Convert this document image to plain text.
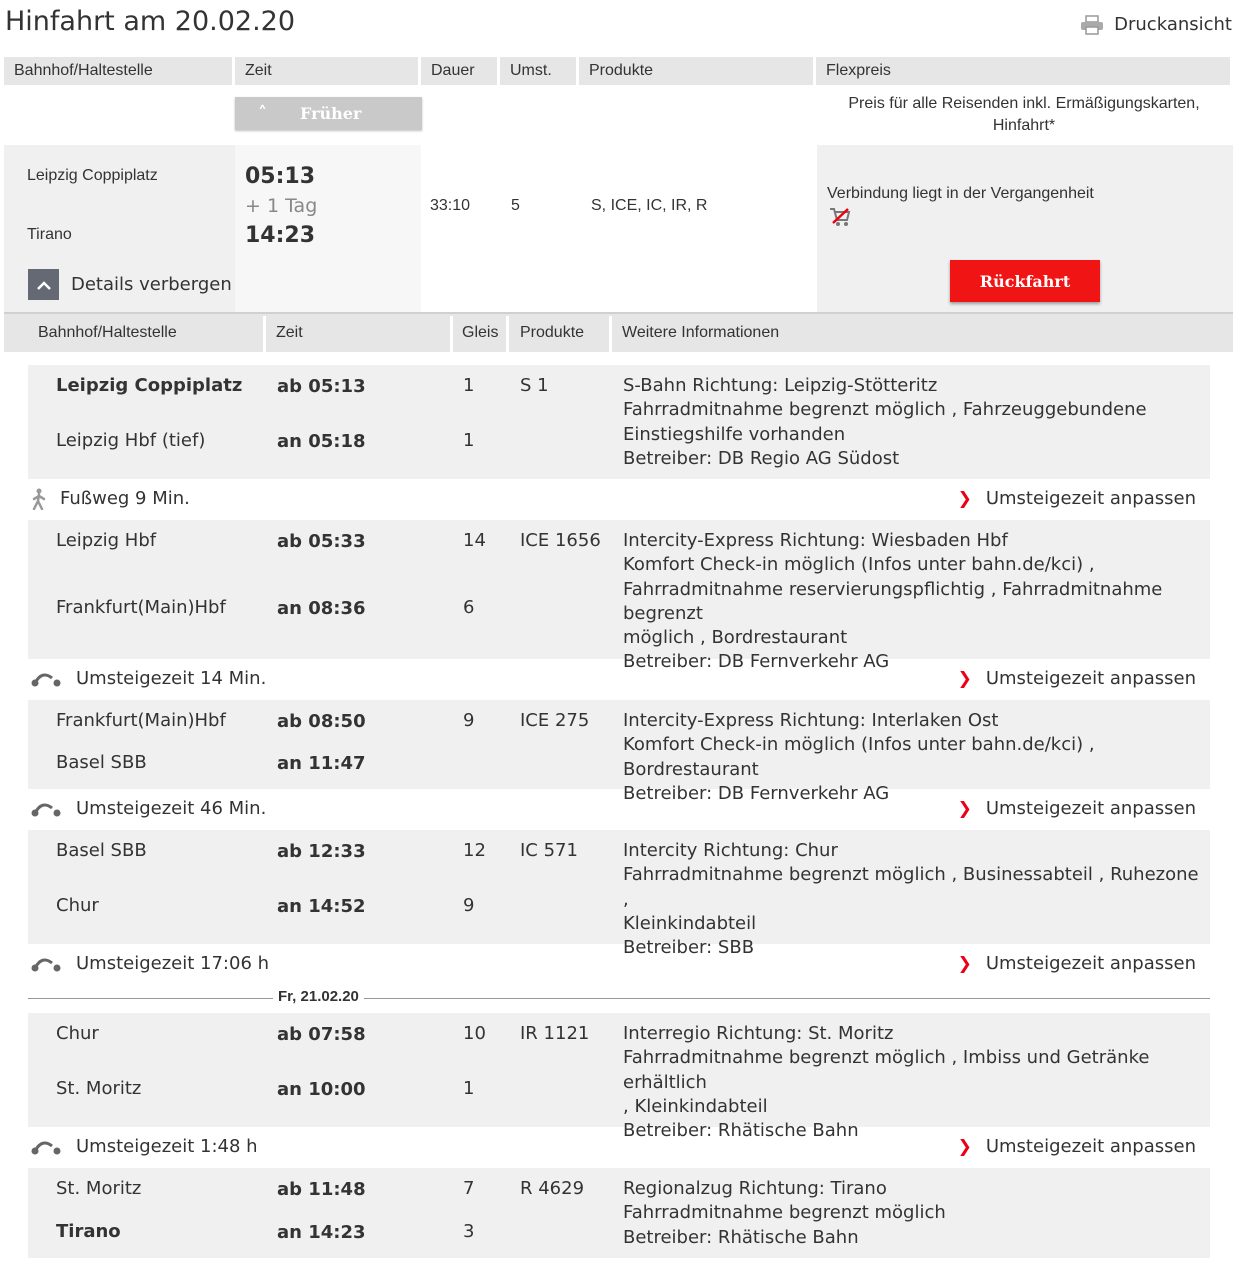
Hinfahrt am 20.02.20	Druckansicht
Bahnhof/Haltestelle	Zeit	Dauer	Umst.	Produkte	Flexpreis
˄	Früher
Preis für alle Reisenden inkl. Ermäßigungskarten, Hinfahrt*
Leipzig Coppiplatz
Tirano
05:13
+ 1 Tag
14:23
33:10	5	S, ICE, IC, IR, R
Details verbergen
Verbindung liegt in der Vergangenheit
Rückfahrt
Bahnhof/Haltestelle	Zeit	Gleis Produkte Weitere Informationen
Leipzig Coppiplatz ab 05:13	1	S 1
Leipzig Hbf (tief)	an 05:18	1
S-Bahn Richtung: Leipzig-Stötteritz
Fahrradmitnahme begrenzt möglich , Fahrzeuggebundene
Einstiegshilfe vorhanden
Betreiber: DB Regio AG Südost
Fußweg 9 Min.	❯ Umsteigezeit anpassen
Leipzig Hbf	ab 05:33	14 ICE 1656
Frankfurt(Main)Hbf	an 08:36	6
Intercity-Express Richtung: Wiesbaden Hbf
Komfort Check-in möglich (Infos unter bahn.de/kci) ,
Fahrradmitnahme reservierungspflichtig , Fahrradmitnahme begrenzt
möglich , Bordrestaurant
Betreiber: DB Fernverkehr AG
Umsteigezeit 14 Min.	❯ Umsteigezeit anpassen
Frankfurt(Main)Hbf	ab 08:50	9	ICE 275
Basel SBB	an 11:47
Intercity-Express Richtung: Interlaken Ost
Komfort Check-in möglich (Infos unter bahn.de/kci) , Bordrestaurant
Betreiber: DB Fernverkehr AG
Umsteigezeit 46 Min.	❯ Umsteigezeit anpassen
Basel SBB	ab 12:33	12 IC 571
Chur	an 14:52	9
Intercity Richtung: Chur
Fahrradmitnahme begrenzt möglich , Businessabteil , Ruhezone ,
Kleinkindabteil
Betreiber: SBB
Umsteigezeit 17:06 h	❯ Umsteigezeit anpassen
Fr, 21.02.20
Chur	ab 07:58	10 IR 1121
St. Moritz	an 10:00	1
Interregio Richtung: St. Moritz
Fahrradmitnahme begrenzt möglich , Imbiss und Getränke erhältlich
, Kleinkindabteil
Betreiber: Rhätische Bahn
Umsteigezeit 1:48 h	❯ Umsteigezeit anpassen
St. Moritz	ab 11:48	7	R 4629
Tirano	an 14:23	3
Regionalzug Richtung: Tirano
Fahrradmitnahme begrenzt möglich
Betreiber: Rhätische Bahn
